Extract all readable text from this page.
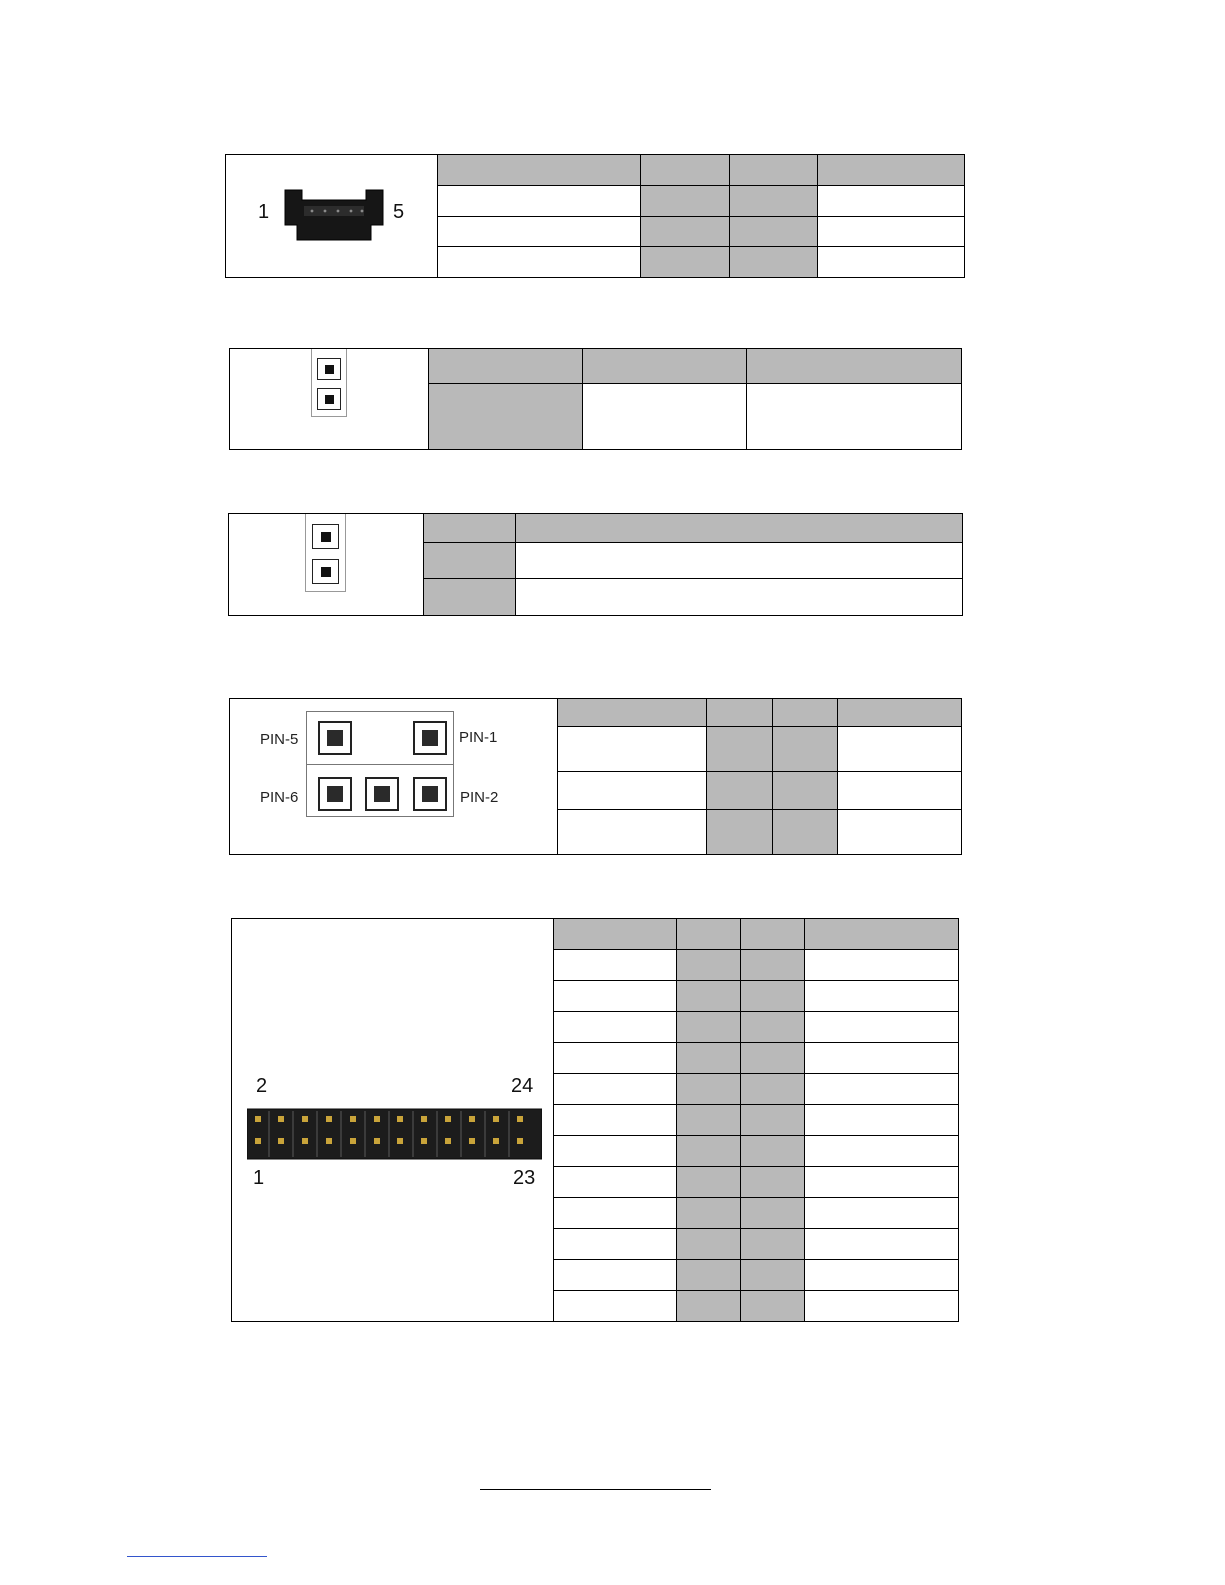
1	5

PIN-5	PIN-1
PIN-6	PIN-2

2	24
1	23
